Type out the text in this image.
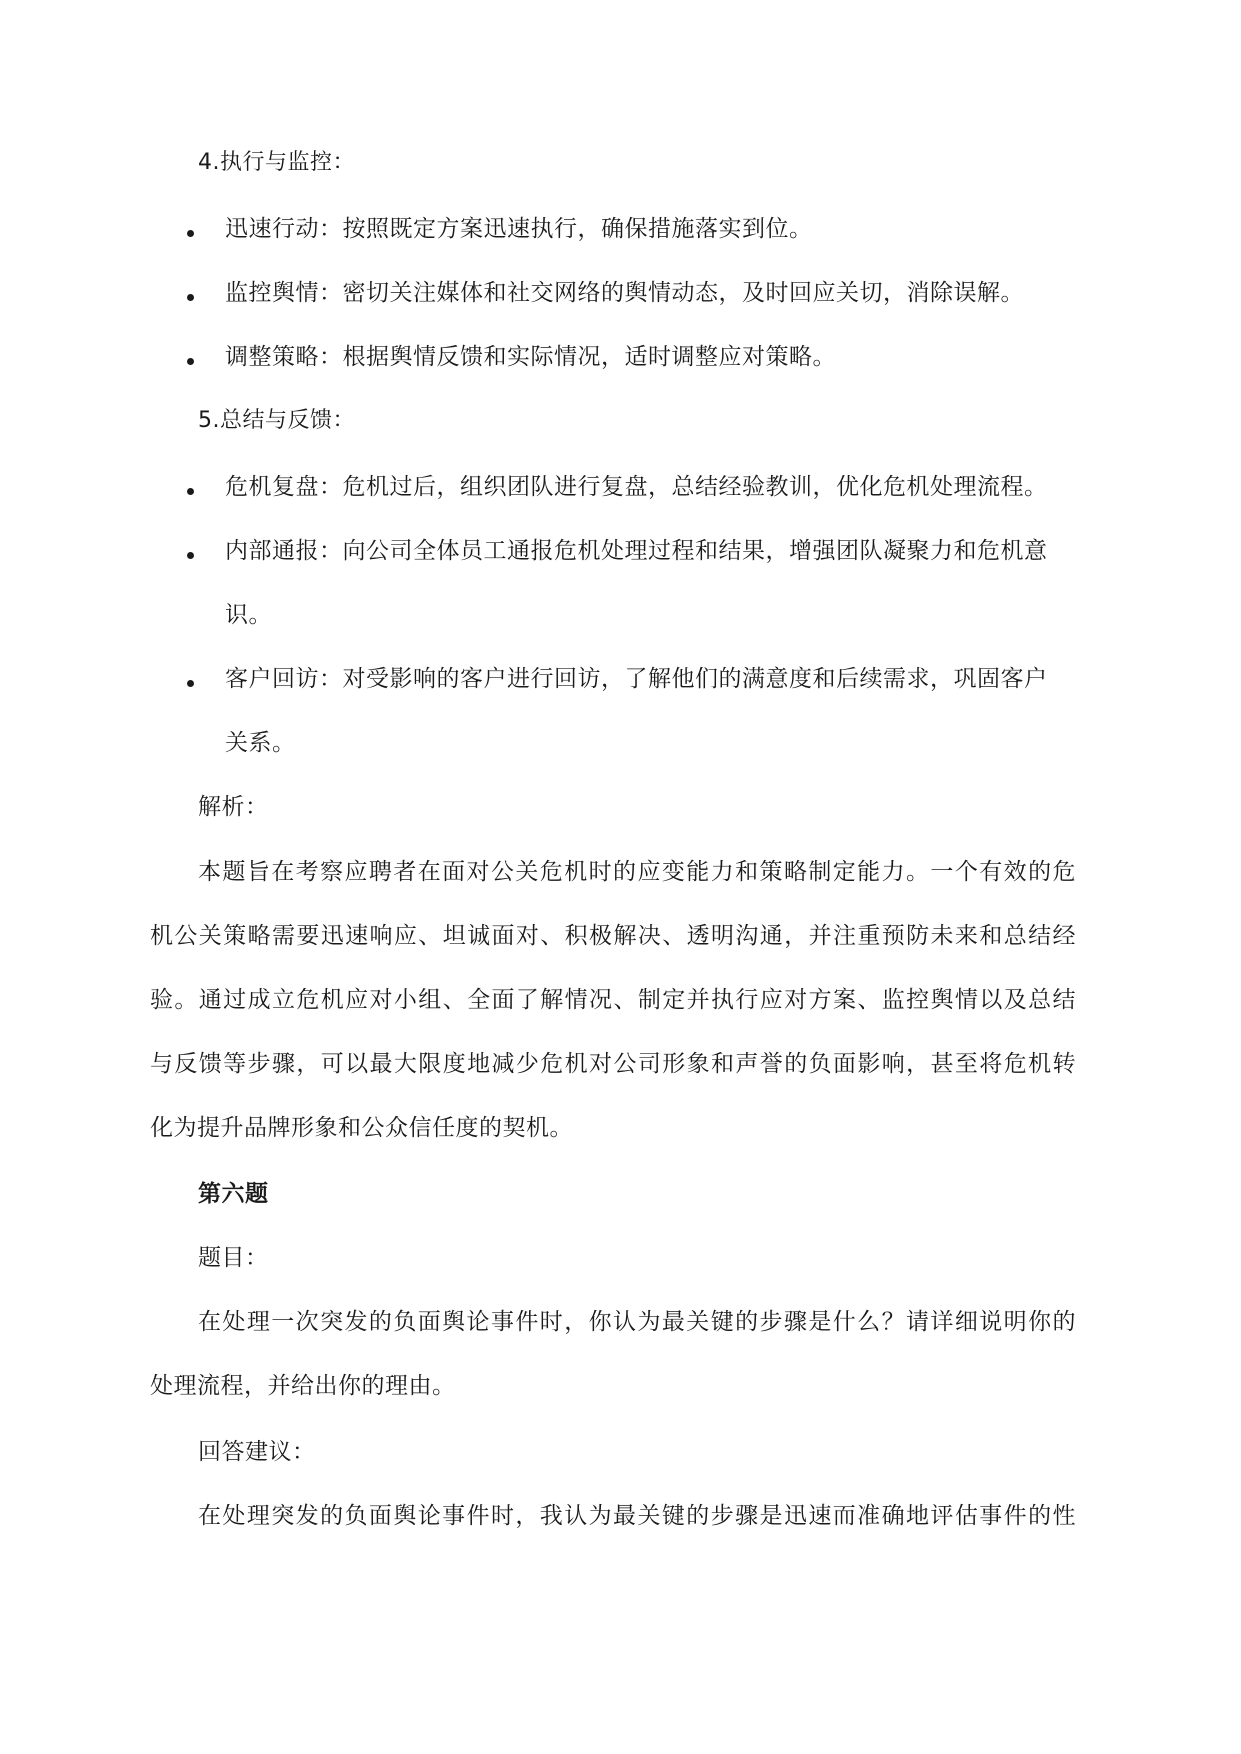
4.执行与监控：
迅速行动：按照既定方案迅速执行，确保措施落实到位。
监控舆情：密切关注媒体和社交网络的舆情动态，及时回应关切，消除误解。
调整策略：根据舆情反馈和实际情况，适时调整应对策略。
5.总结与反馈：
危机复盘：危机过后，组织团队进行复盘，总结经验教训，优化危机处理流程。
内部通报：向公司全体员工通报危机处理过程和结果，增强团队凝聚力和危机意
识。
客户回访：对受影响的客户进行回访，了解他们的满意度和后续需求，巩固客户
关系。
解析：
本题旨在考察应聘者在面对公关危机时的应变能力和策略制定能力。一个有效的危
机公关策略需要迅速响应、坦诚面对、积极解决、透明沟通，并注重预防未来和总结经
验。通过成立危机应对小组、全面了解情况、制定并执行应对方案、监控舆情以及总结
与反馈等步骤，可以最大限度地减少危机对公司形象和声誉的负面影响，甚至将危机转
化为提升品牌形象和公众信任度的契机。
第六题
题目：
在处理一次突发的负面舆论事件时，你认为最关键的步骤是什么？请详细说明你的
处理流程，并给出你的理由。
回答建议：
在处理突发的负面舆论事件时，我认为最关键的步骤是迅速而准确地评估事件的性
